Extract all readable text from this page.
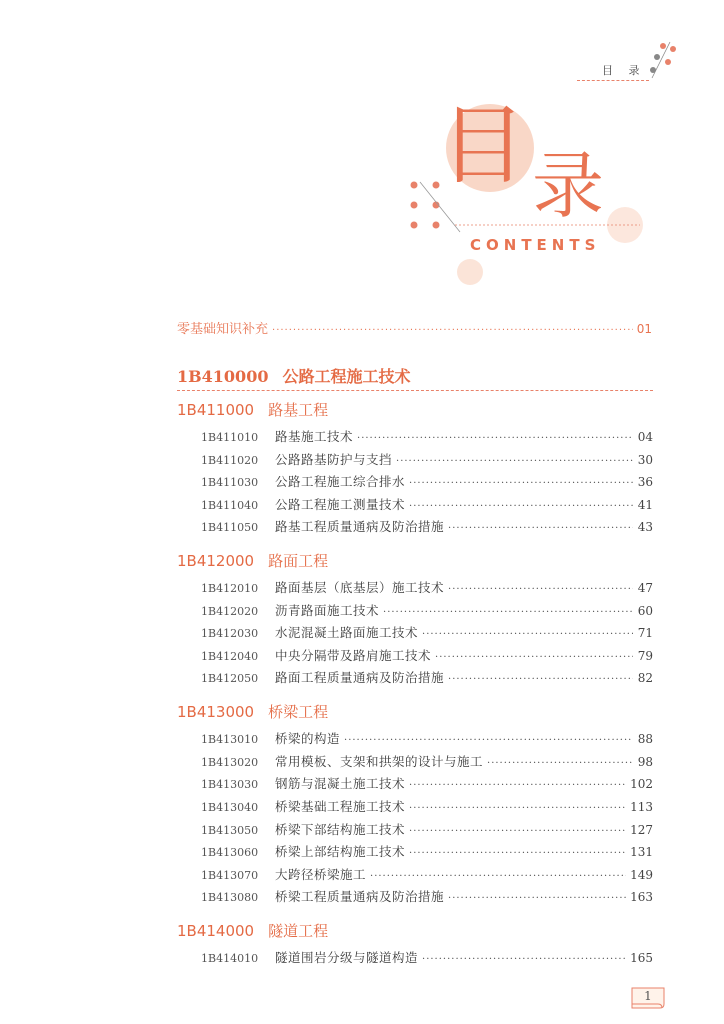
目 录
目 录
CONTENTS
零基础知识补充 ·····	01
1B410000 公路工程施工技术
1B411000 路基工程
1B411010	路基施工技术 ·····	04
1B411020	公路路基防护与支挡 ·····	30
1B411030	公路工程施工综合排水 ·····	36
1B411040	公路工程施工测量技术 ·····	41
1B411050	路基工程质量通病及防治措施 ·····	43
1B412000 路面工程
1B412010	路面基层（底基层）施工技术 ·····	47
1B412020	沥青路面施工技术 ·····	60
1B412030	水泥混凝土路面施工技术 ·····	71
1B412040	中央分隔带及路肩施工技术 ·····	79
1B412050	路面工程质量通病及防治措施 ·····	82
1B413000 桥梁工程
1B413010	桥梁的构造 ·····	88
1B413020	常用模板、支架和拱架的设计与施工 ·····	98
1B413030	钢筋与混凝土施工技术 ·····	102
1B413040	桥梁基础工程施工技术 ·····	113
1B413050	桥梁下部结构施工技术 ·····	127
1B413060	桥梁上部结构施工技术 ·····	131
1B413070	大跨径桥梁施工 ·····	149
1B413080	桥梁工程质量通病及防治措施 ·····	163
1B414000 隧道工程
1B414010	隧道围岩分级与隧道构造 ·····	165
1
